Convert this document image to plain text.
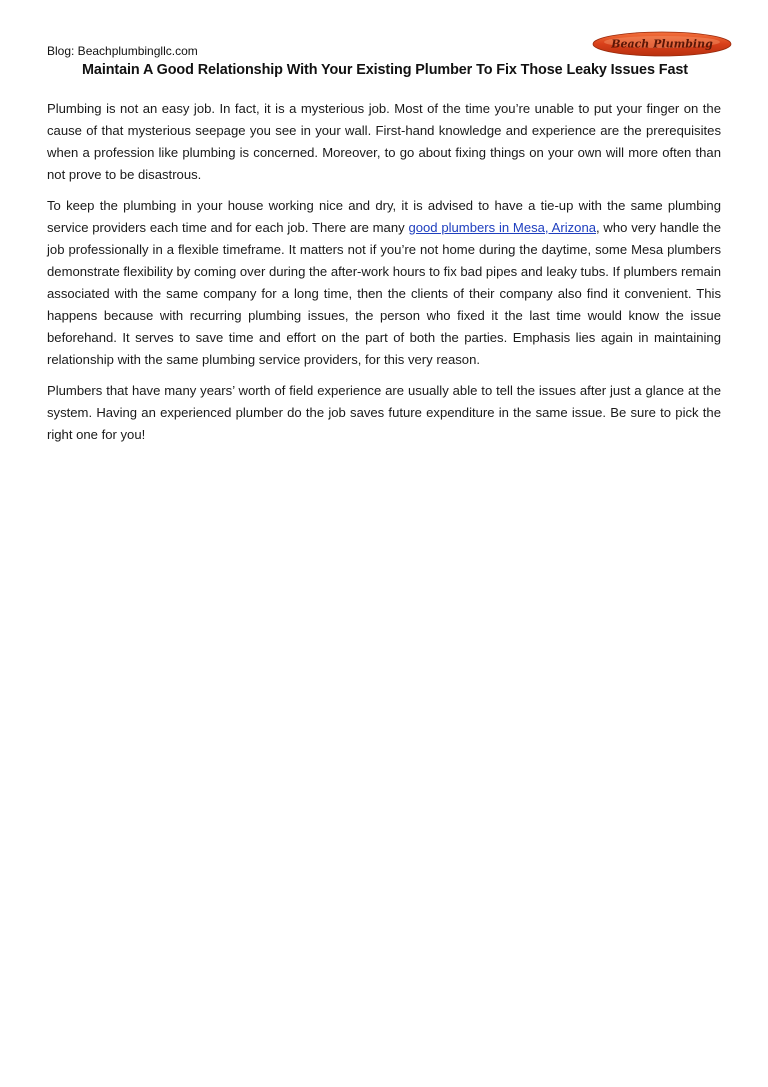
Blog: Beachplumbingllc.com	Beach Plumbing
Maintain A Good Relationship With Your Existing Plumber To Fix Those Leaky Issues Fast

Plumbing is not an easy job. In fact, it is a mysterious job. Most of the time you’re unable to put your finger on the cause of that mysterious seepage you see in your wall. First-hand knowledge and experience are the prerequisites when a profession like plumbing is concerned. Moreover, to go about fixing things on your own will more often than not prove to be disastrous.

To keep the plumbing in your house working nice and dry, it is advised to have a tie-up with the same plumbing service providers each time and for each job. There are many good plumbers in Mesa, Arizona, who very handle the job professionally in a flexible timeframe. It matters not if you’re not home during the daytime, some Mesa plumbers demonstrate flexibility by coming over during the after-work hours to fix bad pipes and leaky tubs. If plumbers remain associated with the same company for a long time, then the clients of their company also find it convenient. This happens because with recurring plumbing issues, the person who fixed it the last time would know the issue beforehand. It serves to save time and effort on the part of both the parties. Emphasis lies again in maintaining relationship with the same plumbing service providers, for this very reason.

Plumbers that have many years’ worth of field experience are usually able to tell the issues after just a glance at the system. Having an experienced plumber do the job saves future expenditure in the same issue. Be sure to pick the right one for you!
